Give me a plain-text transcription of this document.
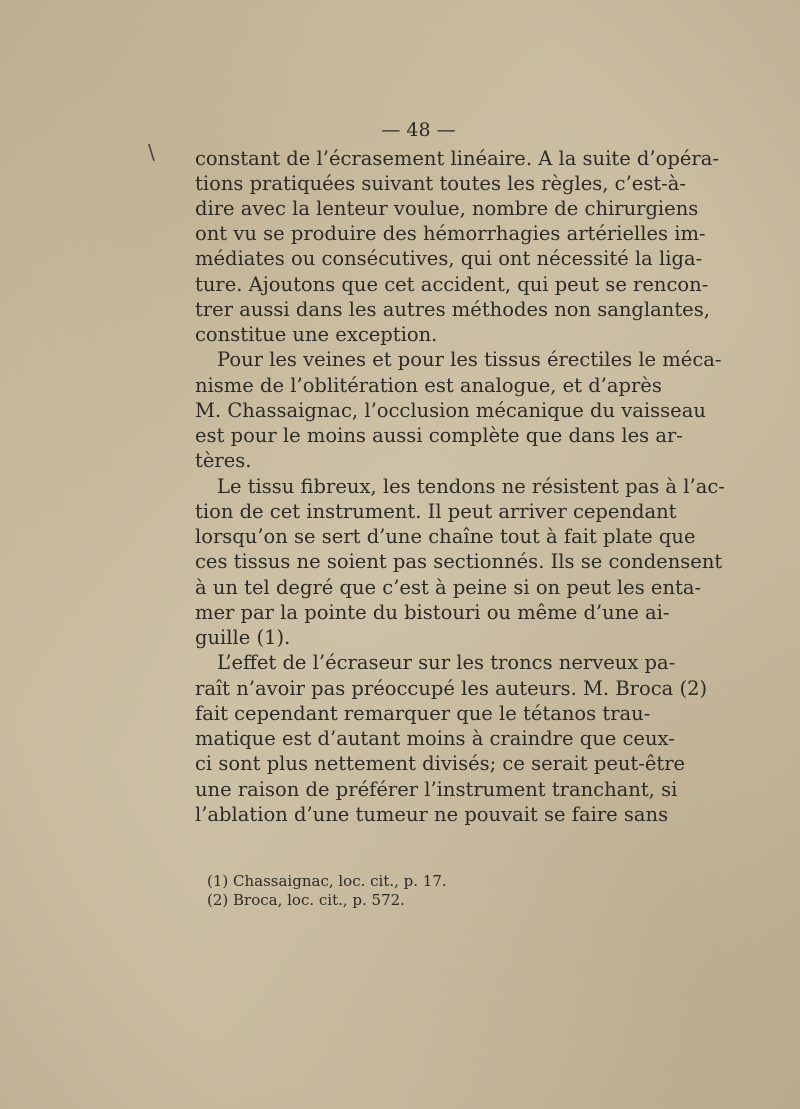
\
— 48 —
constant de l’écrasement linéaire. A la suite d’opéra-
tions pratiquées suivant toutes les règles, c’est-à-
dire avec la lenteur voulue, nombre de chirurgiens
ont vu se produire des hémorrhagies artérielles im-
médiates ou consécutives, qui ont nécessité la liga-
ture. Ajoutons que cet accident, qui peut se rencon-
trer aussi dans les autres méthodes non sanglantes,
constitue une exception.
Pour les veines et pour les tissus érectiles le méca-
nisme de l’oblitération est analogue, et d’après
M. Chassaignac, l’occlusion mécanique du vaisseau
est pour le moins aussi complète que dans les ar-
tères.
Le tissu fibreux, les tendons ne résistent pas à l’ac-
tion de cet instrument. Il peut arriver cependant
lorsqu’on se sert d’une chaîne tout à fait plate que
ces tissus ne soient pas sectionnés. Ils se condensent
à un tel degré que c’est à peine si on peut les enta-
mer par la pointe du bistouri ou même d’une ai-
guille (1).
L’effet de l’écraseur sur les troncs nerveux pa-
raît n’avoir pas préoccupé les auteurs. M. Broca (2)
fait cependant remarquer que le tétanos trau-
matique est d’autant moins à craindre que ceux-
ci sont plus nettement divisés; ce serait peut-être
une raison de préférer l’instrument tranchant, si
l’ablation d’une tumeur ne pouvait se faire sans
(1) Chassaignac, loc. cit., p. 17.
(2) Broca, loc. cit., p. 572.
